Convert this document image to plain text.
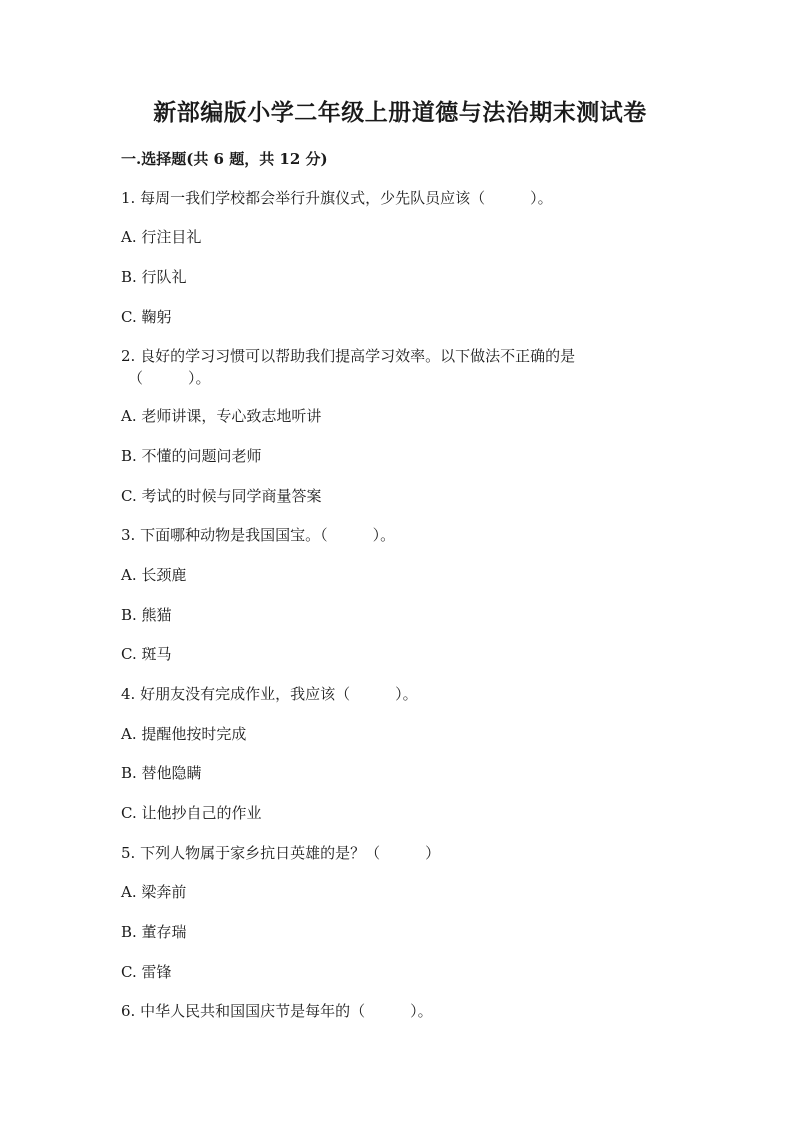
新部编版小学二年级上册道德与法治期末测试卷
一.选择题(共 6 题，共 12 分)
1. 每周一我们学校都会举行升旗仪式，少先队员应该（　　　）。
A. 行注目礼
B. 行队礼
C. 鞠躬
2. 良好的学习习惯可以帮助我们提高学习效率。以下做法不正确的是
（　　　）。
A. 老师讲课，专心致志地听讲
B. 不懂的问题问老师
C. 考试的时候与同学商量答案
3. 下面哪种动物是我国国宝。（　　　）。
A. 长颈鹿
B. 熊猫
C. 斑马
4. 好朋友没有完成作业，我应该（　　　）。
A. 提醒他按时完成
B. 替他隐瞒
C. 让他抄自己的作业
5. 下列人物属于家乡抗日英雄的是？（　　　）
A. 梁奔前
B. 董存瑞
C. 雷锋
6. 中华人民共和国国庆节是每年的（　　　）。
